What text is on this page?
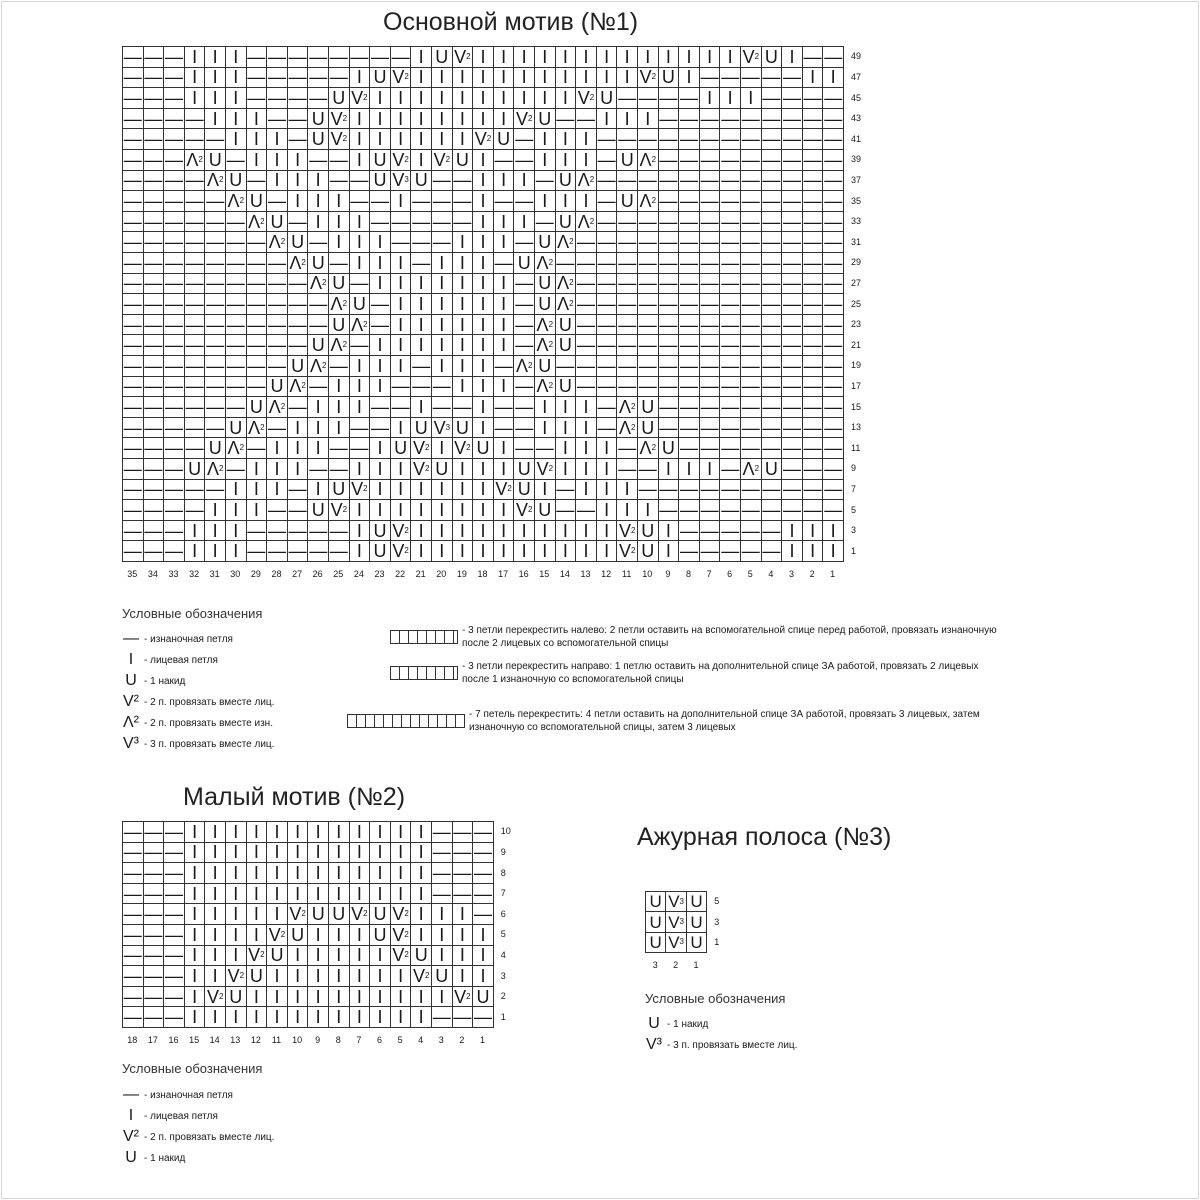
Основной мотив (№1)
— — — I I I — — — — — — — — I U V 2 I I I I I I I I I I I I I V 2 U I — —
— — — I I I — — — — — I U V 2 I I I I I I I I I I I V 2 U I — — — — — I I
— — — I I I — — — — U V 2 I I I I I I I I I I V 2 U — — — — I I I — — — —
— — — — I I I — — U V 2 I I I I I I I I V 2 U — — I I I — — — — — — — — —
— — — — — I I I — U V 2 I I I I I I V 2 U — I I I — — — — — — — — — — — —
— — — Λ 2 U — I I I — — I U V 2 I V 2 U I — — I I I — U Λ 2 — — — — — — — — —
— — — — Λ 2 U — I I I — — U V 3 U — — I I I — U Λ 2 — — — — — — — — — — — —
— — — — — Λ 2 U — I I I — — I — — — I — — I I I — U Λ 2 — — — — — — — — —
— — — — — — Λ 2 U — I I I — — — — — I I I — U Λ 2 — — — — — — — — — — — —
— — — — — — — Λ 2 U — I I I — — — I I I — U Λ 2 — — — — — — — — — — — — —
— — — — — — — — Λ 2 U — I I I — I I I — U Λ 2 — — — — — — — — — — — — — —
— — — — — — — — — Λ 2 U — I I I I I I I — U Λ 2 — — — — — — — — — — — — —
— — — — — — — — — — Λ 2 U — I I I I I I — U Λ 2 — — — — — — — — — — — — —
— — — — — — — — — — U Λ 2 — I I I I I I — Λ 2 U — — — — — — — — — — — — —
— — — — — — — — — U Λ 2 — I I I I I I I — Λ 2 U — — — — — — — — — — — — —
— — — — — — — — U Λ 2 — I I I — I I I — Λ 2 U — — — — — — — — — — — — — —
— — — — — — — U Λ 2 — I I I — — — I I I — Λ 2 U — — — — — — — — — — — — —
— — — — — — U Λ 2 — I I I — — I — — I — — I I I — Λ 2 U — — — — — — — — —
— — — — — U Λ 2 — I I I — — I U V 3 U I — — I I I — Λ 2 U — — — — — — — — —
— — — — U Λ 2 — I I I — — I U V 2 I V 2 U I — — I I I — Λ 2 U — — — — — — — —
— — — U Λ 2 — I I I — — I I I V 2 U I I I U V 2 I I I — — I I I — Λ 2 U — — —
— — — — — I I I — I U V 2 I I I I I I V 2 U I — I I I — — — — — — — — — —
— — — — I I I — — U V 2 I I I I I I I I V 2 U — — I I I — — — — — — — — —
— — — I I I — — — — — I U V 2 I I I I I I I I I I V 2 U I — — — — — I I I
— — — I I I — — — — — I U V 2 I I I I I I I I I I V 2 U I — — — — — I I I
49
47
45
43
41
39
37
35
33
31
29
27
25
23
21
19
17
15
13
11
9
7
5
3
1
35	34	33	32	31	30	29	28	27	26	25	24	23	22	21	20	19	18	17	16	15	14	13	12	11	10	9	8	7	6	5	4	3	2	1
Условные обозначения
— - изнаночная петля
I	- лицевая петля
U - 1 накид
V² - 2 п. провязать вместе лиц.
Λ² - 2 п. провязать вместе изн.
V³ - 3 п. провязать вместе лиц.
- 3 петли перекрестить налево: 2 петли оставить на вспомогательной спице перед работой, провязать изнаночную после 2 лицевых со вспомогательной спицы
- 3 петли перекрестить направо: 1 петлю оставить на дополнительной спице ЗА работой, провязать 2 лицевых после 1 изнаночную со вспомогательной спицы
- 7 петель перекрестить: 4 петли оставить на дополнительной спице ЗА работой, провязать 3 лицевых, затем изнаночную со вспомогательной спицы, затем 3 лицевых
Малый мотив (№2)
— — — I I I I I I I I I I I I — — —
— — — I I I I I I I I I I I I — — —
— — — I I I I I I I I I I I I — — —
— — — I I I I I I I I I I I I — — —
— — — I I I I I V 2 U U V 2 U V 2 I I I —
— — — I I I I V 2 U I I I U V 2 I I I I
— — — I I I V 2 U I I I I I V 2 U I I I
— — — I I V 2 U I I I I I I I V 2 U I I
— — — I V 2 U I I I I I I I I I I V 2 U
— — — I I I I I I I I I I I I — — —
10
9
8
7
6
5
4
3
2
1
18	17	16	15	14	13	12	11	10	9	8	7	6	5	4	3	2	1
Условные обозначения
— - изнаночная петля
I	- лицевая петля
V² - 2 п. провязать вместе лиц.
U - 1 накид
Ажурная полоса (№3)
U V 3 U
U V 3 U
U V 3 U
5
3
1
3	2	1
Условные обозначения
U - 1 накид
V³ - 3 п. провязать вместе лиц.
